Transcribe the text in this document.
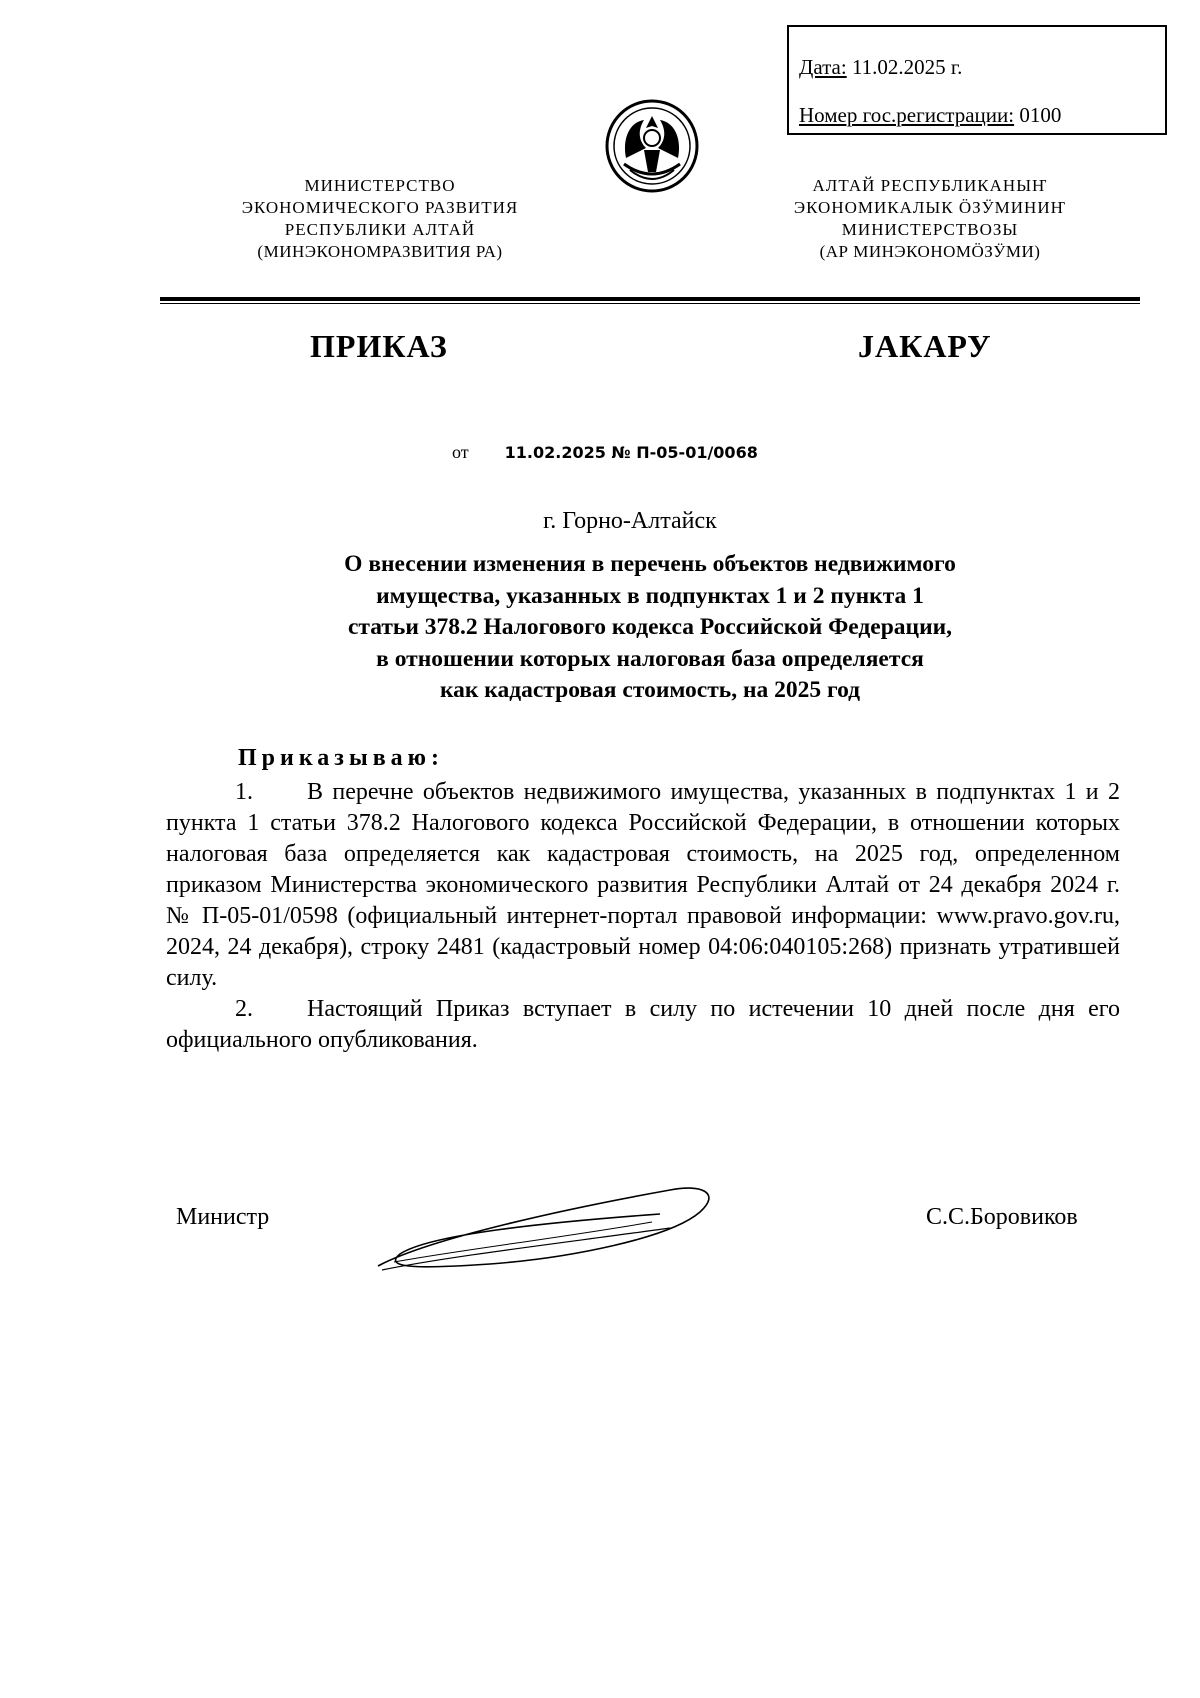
Дата: 11.02.2025 г.
Номер гос.регистрации: 0100
МИНИСТЕРСТВО
ЭКОНОМИЧЕСКОГО РАЗВИТИЯ
РЕСПУБЛИКИ АЛТАЙ
(МИНЭКОНОМРАЗВИТИЯ РА)
АЛТАЙ РЕСПУБЛИКАНЫҤ
ЭКОНОМИКАЛЫК ÖЗӰМИНИҤ
МИНИСТЕРСТВОЗЫ
(АР МИНЭКОНОМÖЗӰМИ)
ПРИКАЗ	JАКАРУ
от 11.02.2025 № П-05-01/0068
г. Горно-Алтайск
О внесении изменения в перечень объектов недвижимого
имущества, указанных в подпунктах 1 и 2 пункта 1
статьи 378.2 Налогового кодекса Российской Федерации,
в отношении которых налоговая база определяется
как кадастровая стоимость, на 2025 год
Приказываю:

1. В перечне объектов недвижимого имущества, указанных в подпунктах 1 и 2 пункта 1 статьи 378.2 Налогового кодекса Российской Федерации, в отношении которых налоговая база определяется как кадастровая стоимость, на 2025 год, определенном приказом Министерства экономического развития Республики Алтай от 24 декабря 2024 г. № П-05-01/0598 (официальный интернет-портал правовой информации: www.pravo.gov.ru, 2024, 24 декабря), строку 2481 (кадастровый номер 04:06:040105:268) признать утратившей силу.

2. Настоящий Приказ вступает в силу по истечении 10 дней после дня его официального опубликования.

Министр	С.С.Боровиков
